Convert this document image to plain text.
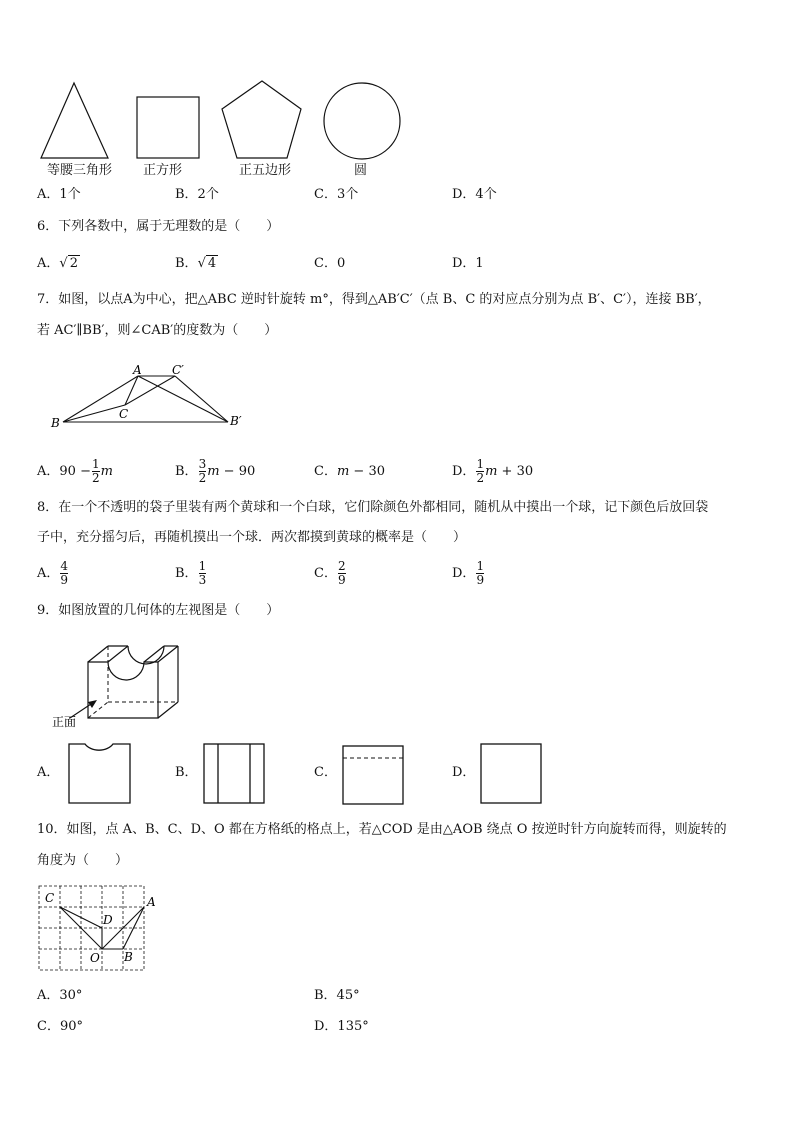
等腰三角形 正方形	正五边形	圆
A．1个	B．2个	C．3个	D．4个
6．下列各数中，属于无理数的是（　　）
A．√ 2	B．√ 4	C．0	D．1
7．如图，以点A为中心，把△ABC 逆时针旋转 m°，得到△AB′C′（点 B、C 的对应点分别为点 B′、C′），连接 BB′，
若 AC′∥BB′，则∠CAB′的度数为（　　）
A	C′
B
C	B′
A．$90 - \frac{1}{2}$ m	B． $\frac{3}{2}$ m − 90	C．m − 30	D． $\frac{1}{2}$ m + 30
8．在一个不透明的袋子里装有两个黄球和一个白球，它们除颜色外都相同，随机从中摸出一个球，记下颜色后放回袋
子中，充分摇匀后，再随机摸出一个球．两次都摸到黄球的概率是（　　）
A． $\frac{4}{9}$	B． $\frac{1}{3}$	C． $\frac{2}{9}$	D． $\frac{1}{9}$
9．如图放置的几何体的左视图是（　　）
正面
A．	B．	C．	D．
10．如图，点 A、B、C、D、O 都在方格纸的格点上，若△COD 是由△AOB 绕点 O 按逆时针方向旋转而得，则旋转的
角度为（　　）
C
D
A
O B
A．30°	B．45°
C．90°	D．135°
